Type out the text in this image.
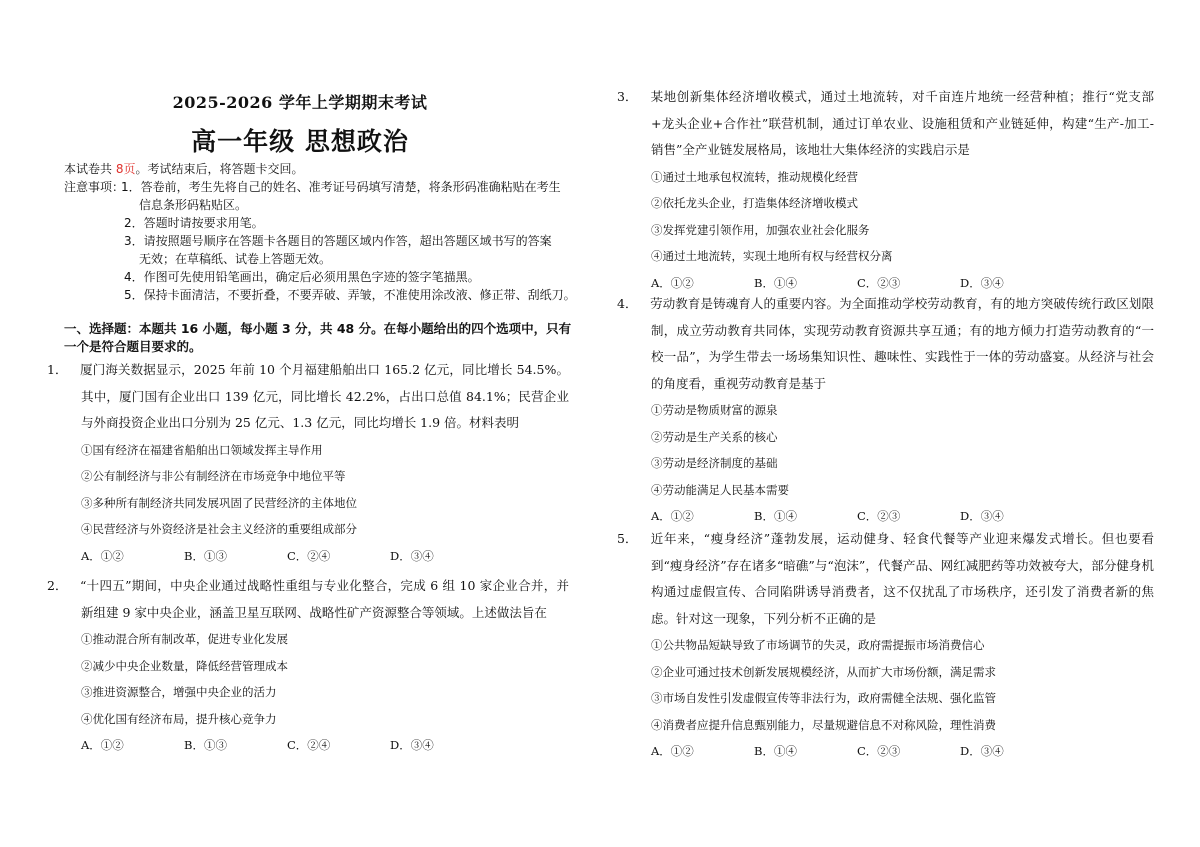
2025-2026 学年上学期期末考试
高一年级 思想政治
本试卷共 8页。考试结束后，将答题卡交回。
注意事项：
1．答卷前，考生先将自己的姓名、准考证号码填写清楚，将条形码准确粘贴在考生
信息条形码粘贴区。
2．答题时请按要求用笔。
3．请按照题号顺序在答题卡各题目的答题区域内作答，超出答题区域书写的答案
无效；在草稿纸、试卷上答题无效。
4．作图可先使用铅笔画出，确定后必须用黑色字迹的签字笔描黑。
5．保持卡面清洁，不要折叠，不要弄破、弄皱，不准使用涂改液、修正带、刮纸刀。
一、选择题：本题共 16 小题，每小题 3 分，共 48 分。在每小题给出的四个选项中，只有一个是符合题目要求的。
1． 厦门海关数据显示，2025 年前 10 个月福建船舶出口 165.2 亿元，同比增长 54.5%。其中，厦门国有企业出口 139 亿元，同比增长 42.2%，占出口总值 84.1%；民营企业与外商投资企业出口分别为 25 亿元、1.3 亿元，同比均增长 1.9 倍。材料表明
①国有经济在福建省船舶出口领域发挥主导作用
②公有制经济与非公有制经济在市场竞争中地位平等
③多种所有制经济共同发展巩固了民营经济的主体地位
④民营经济与外资经济是社会主义经济的重要组成部分
A．①②	B．①③	C．②④	D．③④
2． “十四五”期间，中央企业通过战略性重组与专业化整合，完成 6 组 10 家企业合并，并新组建 9 家中央企业，涵盖卫星互联网、战略性矿产资源整合等领域。上述做法旨在
①推动混合所有制改革，促进专业化发展
②减少中央企业数量，降低经营管理成本
③推进资源整合，增强中央企业的活力
④优化国有经济布局，提升核心竞争力
A．①②	B．①③	C．②④	D．③④
3． 某地创新集体经济增收模式，通过土地流转，对千亩连片地统一经营种植；推行“党支部+龙头企业+合作社”联营机制，通过订单农业、设施租赁和产业链延伸，构建“生产-加工-销售”全产业链发展格局，该地壮大集体经济的实践启示是
①通过土地承包权流转，推动规模化经营
②依托龙头企业，打造集体经济增收模式
③发挥党建引领作用，加强农业社会化服务
④通过土地流转，实现土地所有权与经营权分离
A．①②	B．①④	C．②③	D．③④
4． 劳动教育是铸魂育人的重要内容。为全面推动学校劳动教育，有的地方突破传统行政区划限制，成立劳动教育共同体，实现劳动教育资源共享互通；有的地方倾力打造劳动教育的“一校一品”，为学生带去一场场集知识性、趣味性、实践性于一体的劳动盛宴。从经济与社会的角度看，重视劳动教育是基于
①劳动是物质财富的源泉
②劳动是生产关系的核心
③劳动是经济制度的基础
④劳动能满足人民基本需要
A．①②	B．①④	C．②③	D．③④
5． 近年来，“瘦身经济”蓬勃发展，运动健身、轻食代餐等产业迎来爆发式增长。但也要看到“瘦身经济”存在诸多“暗礁”与“泡沫”，代餐产品、网红减肥药等功效被夸大，部分健身机构通过虚假宣传、合同陷阱诱导消费者，这不仅扰乱了市场秩序，还引发了消费者新的焦虑。针对这一现象，下列分析不正确的是
①公共物品短缺导致了市场调节的失灵，政府需提振市场消费信心
②企业可通过技术创新发展规模经济，从而扩大市场份额，满足需求
③市场自发性引发虚假宣传等非法行为，政府需健全法规、强化监管
④消费者应提升信息甄别能力，尽量规避信息不对称风险，理性消费
A．①②	B．①④	C．②③	D．③④
